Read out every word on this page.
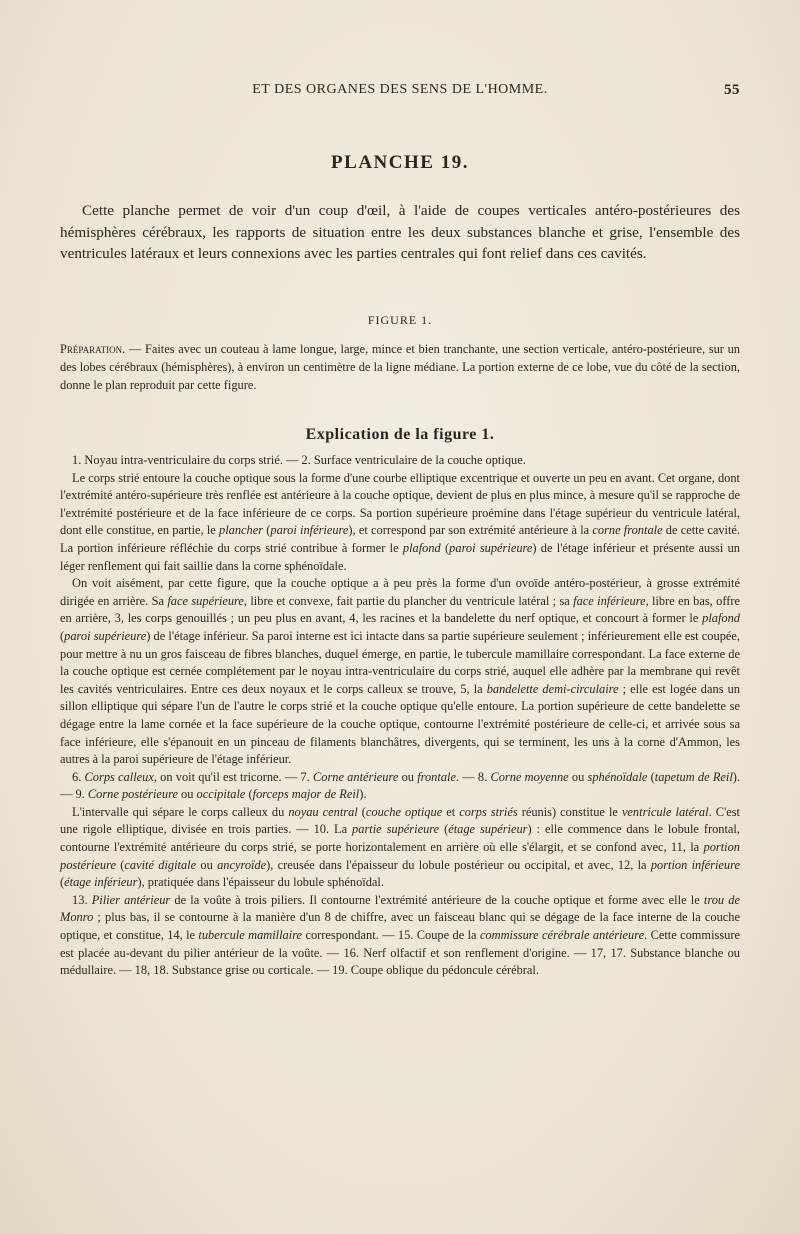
ET DES ORGANES DES SENS DE L'HOMME.	55
PLANCHE 19.

Cette planche permet de voir d'un coup d'œil, à l'aide de coupes verticales antéro-postérieures des hémisphères cérébraux, les rapports de situation entre les deux substances blanche et grise, l'ensemble des ventricules latéraux et leurs connexions avec les parties centrales qui font relief dans ces cavités.

FIGURE 1.

Préparation. — Faites avec un couteau à lame longue, large, mince et bien tranchante, une section verticale, antéro-postérieure, sur un des lobes cérébraux (hémisphères), à environ un centimètre de la ligne médiane. La portion externe de ce lobe, vue du côté de la section, donne le plan reproduit par cette figure.

Explication de la figure 1.

1. Noyau intra-ventriculaire du corps strié. — 2. Surface ventriculaire de la couche optique.

Le corps strié entoure la couche optique sous la forme d'une courbe elliptique excentrique et ouverte un peu en avant. Cet organe, dont l'extrémité antéro-supérieure très renflée est antérieure à la couche optique, devient de plus en plus mince, à mesure qu'il se rapproche de l'extrémité postérieure et de la face inférieure de ce corps. Sa portion supérieure proémine dans l'étage supérieur du ventricule latéral, dont elle constitue, en partie, le plancher (paroi inférieure), et correspond par son extrémité antérieure à la corne frontale de cette cavité. La portion inférieure réfléchie du corps strié contribue à former le plafond (paroi supérieure) de l'étage inférieur et présente aussi un léger renflement qui fait saillie dans la corne sphénoïdale.

On voit aisément, par cette figure, que la couche optique a à peu près la forme d'un ovoïde antéro-postérieur, à grosse extrémité dirigée en arrière. Sa face supérieure, libre et convexe, fait partie du plancher du ventricule latéral ; sa face inférieure, libre en bas, offre en arrière, 3, les corps genouillés ; un peu plus en avant, 4, les racines et la bandelette du nerf optique, et concourt à former le plafond (paroi supérieure) de l'étage inférieur. Sa paroi interne est ici intacte dans sa partie supérieure seulement ; inférieurement elle est coupée, pour mettre à nu un gros faisceau de fibres blanches, duquel émerge, en partie, le tubercule mamillaire correspondant. La face externe de la couche optique est cernée complétement par le noyau intra-ventriculaire du corps strié, auquel elle adhère par la membrane qui revêt les cavités ventriculaires. Entre ces deux noyaux et le corps calleux se trouve, 5, la bandelette demi-circulaire ; elle est logée dans un sillon elliptique qui sépare l'un de l'autre le corps strié et la couche optique qu'elle entoure. La portion supérieure de cette bandelette se dégage entre la lame cornée et la face supérieure de la couche optique, contourne l'extrémité postérieure de celle-ci, et arrivée sous sa face inférieure, elle s'épanouit en un pinceau de filaments blanchâtres, divergents, qui se terminent, les uns à la corne d'Ammon, les autres à la paroi supérieure de l'étage inférieur.

6. Corps calleux, on voit qu'il est tricorne. — 7. Corne antérieure ou frontale. — 8. Corne moyenne ou sphénoïdale (tapetum de Reil). — 9. Corne postérieure ou occipitale (forceps major de Reil).

L'intervalle qui sépare le corps calleux du noyau central (couche optique et corps striés réunis) constitue le ventricule latéral. C'est une rigole elliptique, divisée en trois parties. — 10. La partie supérieure (étage supérieur) : elle commence dans le lobule frontal, contourne l'extrémité antérieure du corps strié, se porte horizontalement en arrière où elle s'élargit, et se confond avec, 11, la portion postérieure (cavité digitale ou ancyroïde), creusée dans l'épaisseur du lobule postérieur ou occipital, et avec, 12, la portion inférieure (étage inférieur), pratiquée dans l'épaisseur du lobule sphénoïdal.

13. Pilier antérieur de la voûte à trois piliers. Il contourne l'extrémité antérieure de la couche optique et forme avec elle le trou de Monro ; plus bas, il se contourne à la manière d'un 8 de chiffre, avec un faisceau blanc qui se dégage de la face interne de la couche optique, et constitue, 14, le tubercule mamillaire correspondant. — 15. Coupe de la commissure cérébrale antérieure. Cette commissure est placée au-devant du pilier antérieur de la voûte. — 16. Nerf olfactif et son renflement d'origine. — 17, 17. Substance blanche ou médullaire. — 18, 18. Substance grise ou corticale. — 19. Coupe oblique du pédoncule cérébral.
